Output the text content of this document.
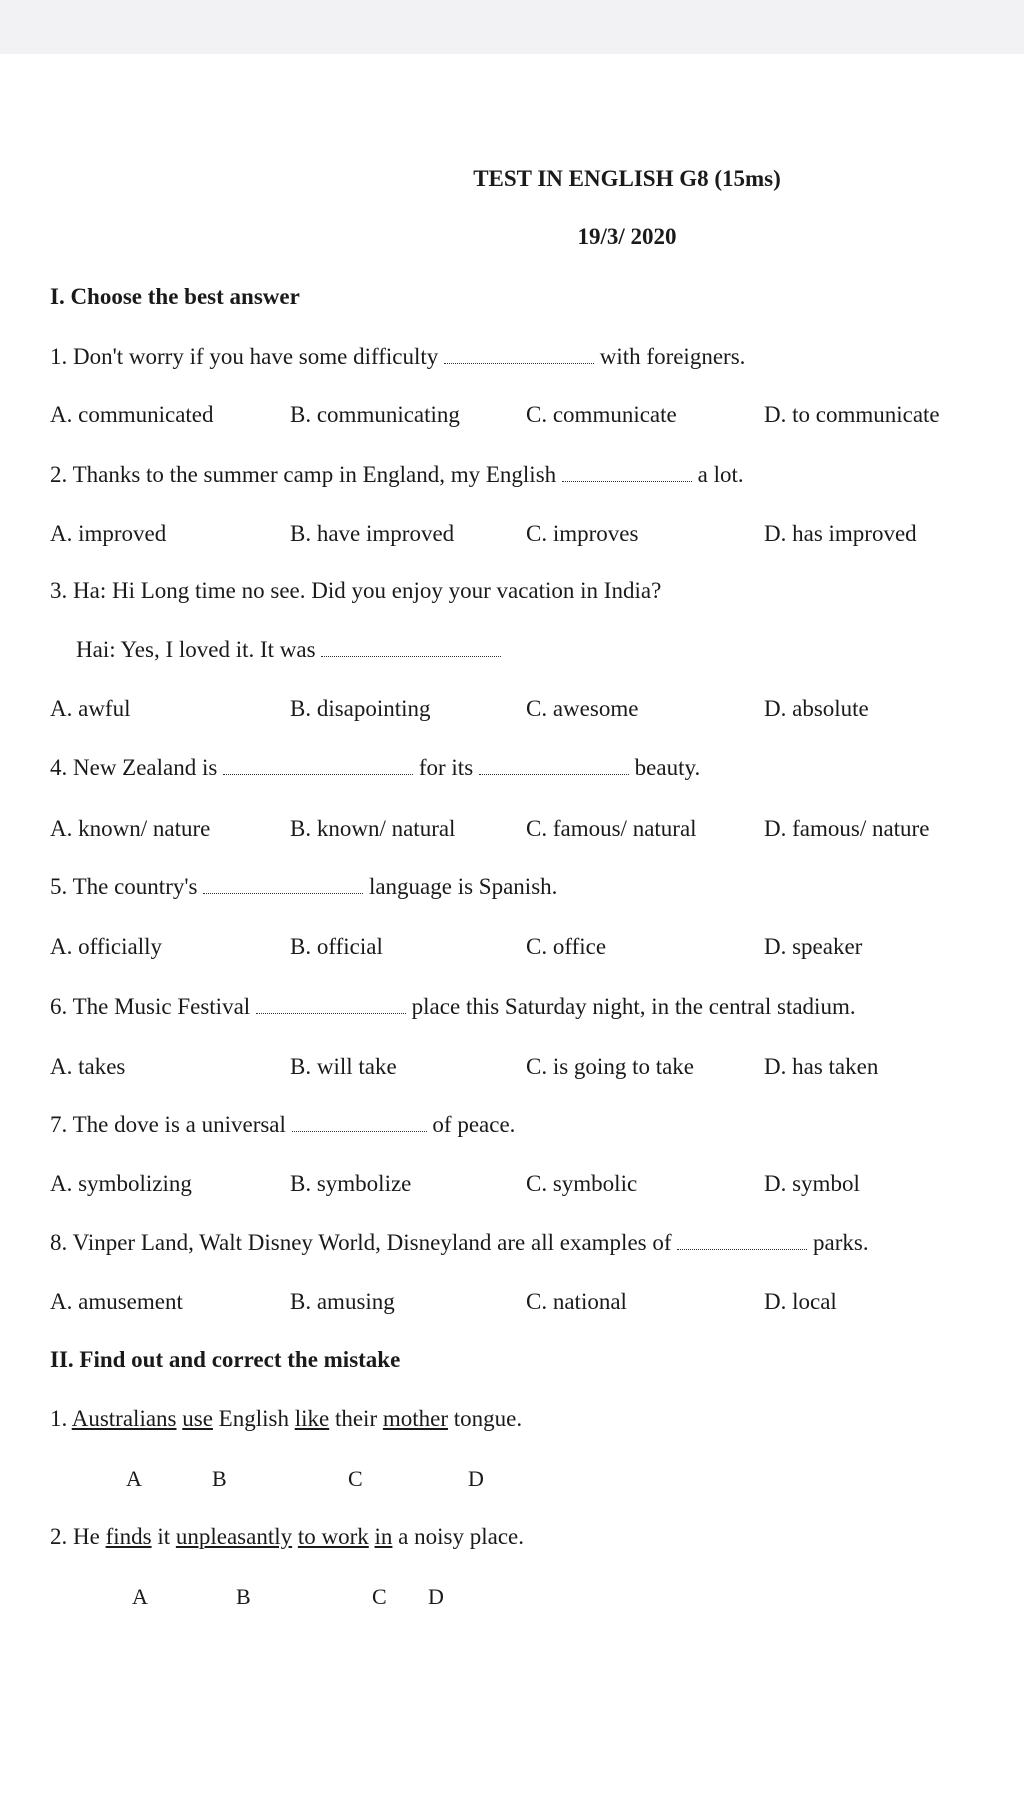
TEST IN ENGLISH G8 (15ms)
19/3/ 2020
I. Choose the best answer
1. Don't worry if you have some difficulty	with foreigners.
A. communicated	B. communicating	C. communicate	D. to communicate
2. Thanks to the summer camp in England, my English	a lot.
A. improved	B. have improved	C. improves	D. has improved
3. Ha: Hi Long time no see. Did you enjoy your vacation in India?
Hai: Yes, I loved it. It was
A. awful	B. disapointing	C. awesome	D. absolute
4. New Zealand is	for its	beauty.
A. known/ nature	B. known/ natural	C. famous/ natural	D. famous/ nature
5. The country's	language is Spanish.
A. officially	B. official	C. office	D. speaker
6. The Music Festival	place this Saturday night, in the central stadium.
A. takes	B. will take	C. is going to take	D. has taken
7. The dove is a universal	of peace.
A. symbolizing	B. symbolize	C. symbolic	D. symbol
8. Vinper Land, Walt Disney World, Disneyland are all examples of	parks.
A. amusement	B. amusing	C. national	D. local
II. Find out and correct the mistake
1. Australians use English like their mother tongue.
A	B	C	D
2. He finds it unpleasantly to work in a noisy place.
A	B	C D
